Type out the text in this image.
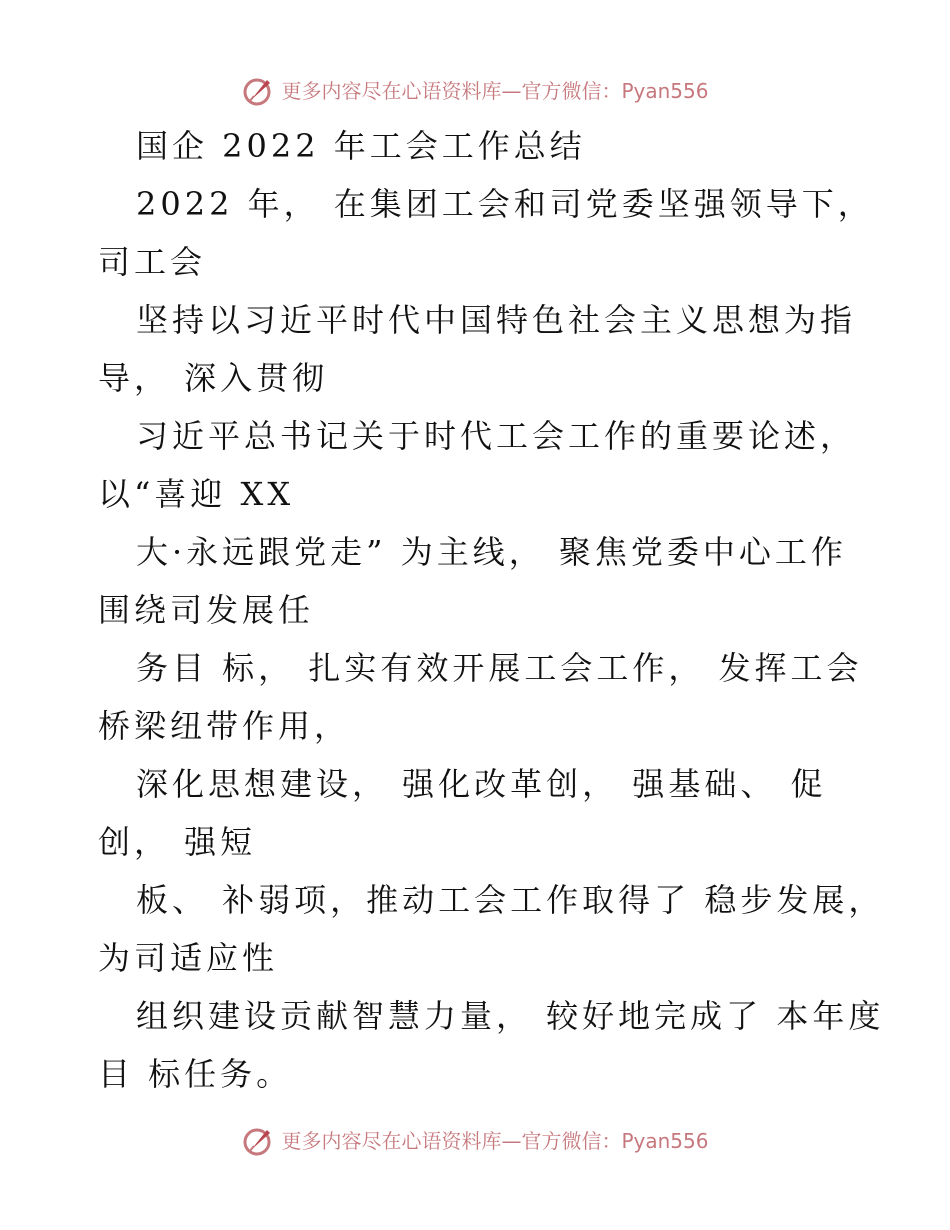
更多内容尽在心语资料库—官方微信：Pyan556
国企 2022 年工会工作总结
2022 年， 在集团工会和司党委坚强领导下，
司工会
坚持以习近平时代中国特色社会主义思想为指
导， 深入贯彻
习近平总书记关于时代工会工作的重要论述，
以“喜迎 XX
大·永远跟党走” 为主线， 聚焦党委中心工作
围绕司发展任
务目 标， 扎实有效开展工会工作， 发挥工会
桥梁纽带作用，
深化思想建设， 强化改革创， 强基础、 促
创， 强短
板、 补弱项，推动工会工作取得了 稳步发展，
为司适应性
组织建设贡献智慧力量， 较好地完成了 本年度
目 标任务。
更多内容尽在心语资料库—官方微信：Pyan556
